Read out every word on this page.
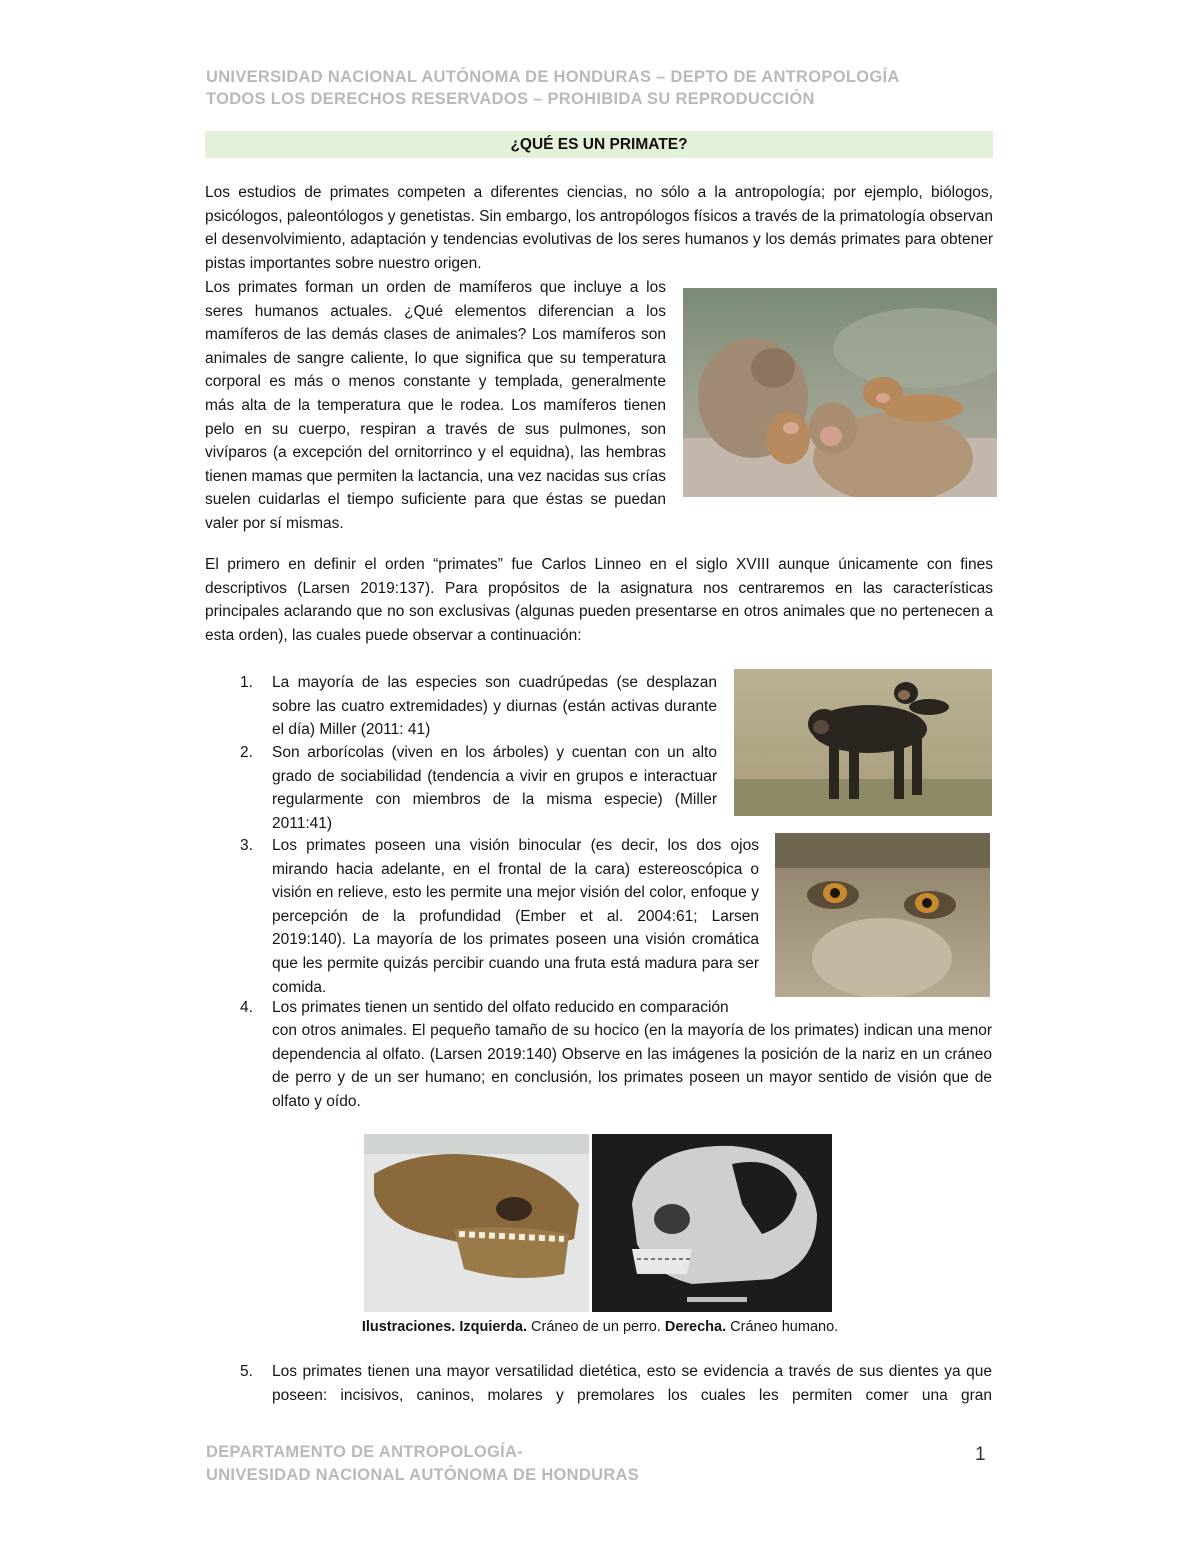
UNIVERSIDAD NACIONAL AUTÓNOMA DE HONDURAS – DEPTO DE ANTROPOLOGÍA
TODOS LOS DERECHOS RESERVADOS – PROHIBIDA SU REPRODUCCIÓN
¿QUÉ ES UN PRIMATE?
Los estudios de primates competen a diferentes ciencias, no sólo a la antropología; por ejemplo, biólogos, psicólogos, paleontólogos y genetistas. Sin embargo, los antropólogos físicos a través de la primatología observan el desenvolvimiento, adaptación y tendencias evolutivas de los seres humanos y los demás primates para obtener pistas importantes sobre nuestro origen.
Los primates forman un orden de mamíferos que incluye a los seres humanos actuales. ¿Qué elementos diferencian a los mamíferos de las demás clases de animales? Los mamíferos son animales de sangre caliente, lo que significa que su temperatura corporal es más o menos constante y templada, generalmente más alta de la temperatura que le rodea. Los mamíferos tienen pelo en su cuerpo, respiran a través de sus pulmones, son vivíparos (a excepción del ornitorrinco y el equidna), las hembras tienen mamas que permiten la lactancia, una vez nacidas sus crías suelen cuidarlas el tiempo suficiente para que éstas se puedan valer por sí mismas.
El primero en definir el orden “primates” fue Carlos Linneo en el siglo XVIII aunque únicamente con fines descriptivos (Larsen 2019:137). Para propósitos de la asignatura nos centraremos en las características principales aclarando que no son exclusivas (algunas pueden presentarse en otros animales que no pertenecen a esta orden), las cuales puede observar a continuación:
1. La mayoría de las especies son cuadrúpedas (se desplazan sobre las cuatro extremidades) y diurnas (están activas durante el día) Miller (2011: 41)
2. Son arborícolas (viven en los árboles) y cuentan con un alto grado de sociabilidad (tendencia a vivir en grupos e interactuar regularmente con miembros de la misma especie) (Miller 2011:41)
3. Los primates poseen una visión binocular (es decir, los dos ojos mirando hacia adelante, en el frontal de la cara) estereoscópica o visión en relieve, esto les permite una mejor visión del color, enfoque y percepción de la profundidad (Ember et al. 2004:61; Larsen 2019:140). La mayoría de los primates poseen una visión cromática que les permite quizás percibir cuando una fruta está madura para ser comida.
4. Los primates tienen un sentido del olfato reducido en comparación
con otros animales. El pequeño tamaño de su hocico (en la mayoría de los primates) indican una menor dependencia al olfato. (Larsen 2019:140) Observe en las imágenes la posición de la nariz en un cráneo de perro y de un ser humano; en conclusión, los primates poseen un mayor sentido de visión que de olfato y oído.
Ilustraciones. Izquierda. Cráneo de un perro. Derecha. Cráneo humano.
5. Los primates tienen una mayor versatilidad dietética, esto se evidencia a través de sus dientes ya que poseen: incisivos, caninos, molares y premolares los cuales les permiten comer una gran
DEPARTAMENTO DE ANTROPOLOGÍA-
UNIVESIDAD NACIONAL AUTÓNOMA DE HONDURAS
1
